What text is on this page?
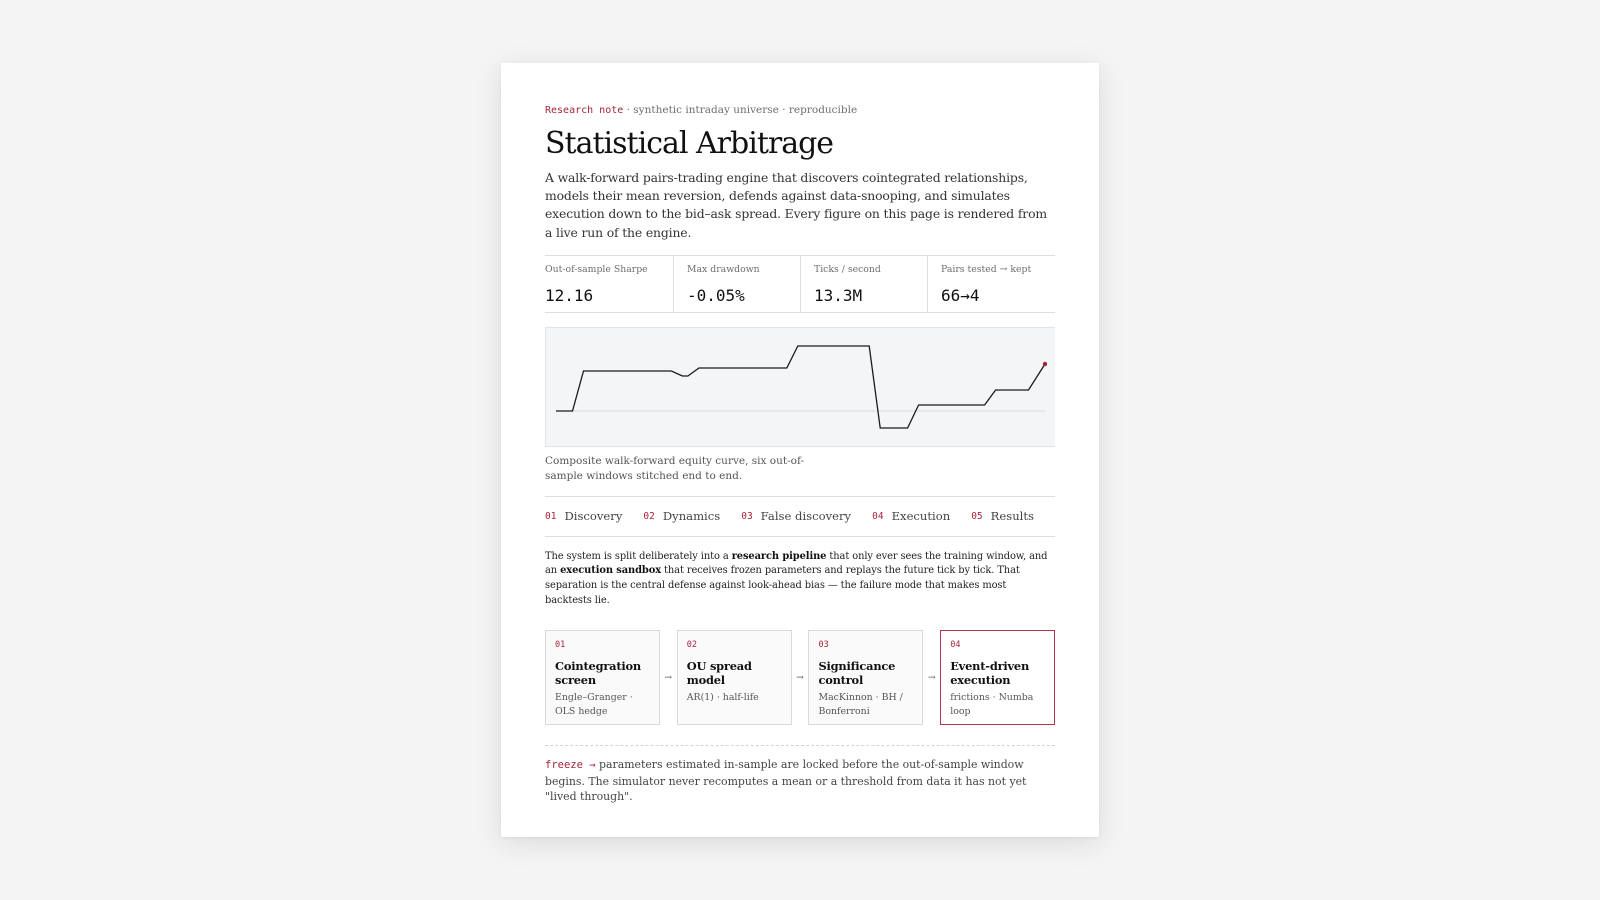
Research note · synthetic intraday universe · reproducible
Statistical Arbitrage

A walk-forward pairs-trading engine that discovers cointegrated relationships, models their mean reversion, defends against data-snooping, and simulates execution down to the bid–ask spread. Every figure on this page is rendered from a live run of the engine.

Out-of-sample Sharpe
12.16
Max drawdown
-0.05%
Ticks / second
13.3M
Pairs tested → kept
66→4

Composite walk-forward equity curve, six out-of-sample windows stitched end to end.

01 Discovery 02 Dynamics 03 False discovery 04 Execution 05 Results

The system is split deliberately into a research pipeline that only ever sees the training window, and an execution sandbox that receives frozen parameters and replays the future tick by tick. That separation is the central defense against look-ahead bias — the failure mode that makes most backtests lie.

01
Cointegration screen
Engle–Granger · OLS hedge
→
02
OU spread model
AR(1) · half-life
→
03
Significance control
MacKinnon · BH / Bonferroni
→
04
Event-driven execution
frictions · Numba loop

freeze → parameters estimated in-sample are locked before the out-of-sample window begins. The simulator never recomputes a mean or a threshold from data it has not yet "lived through".
